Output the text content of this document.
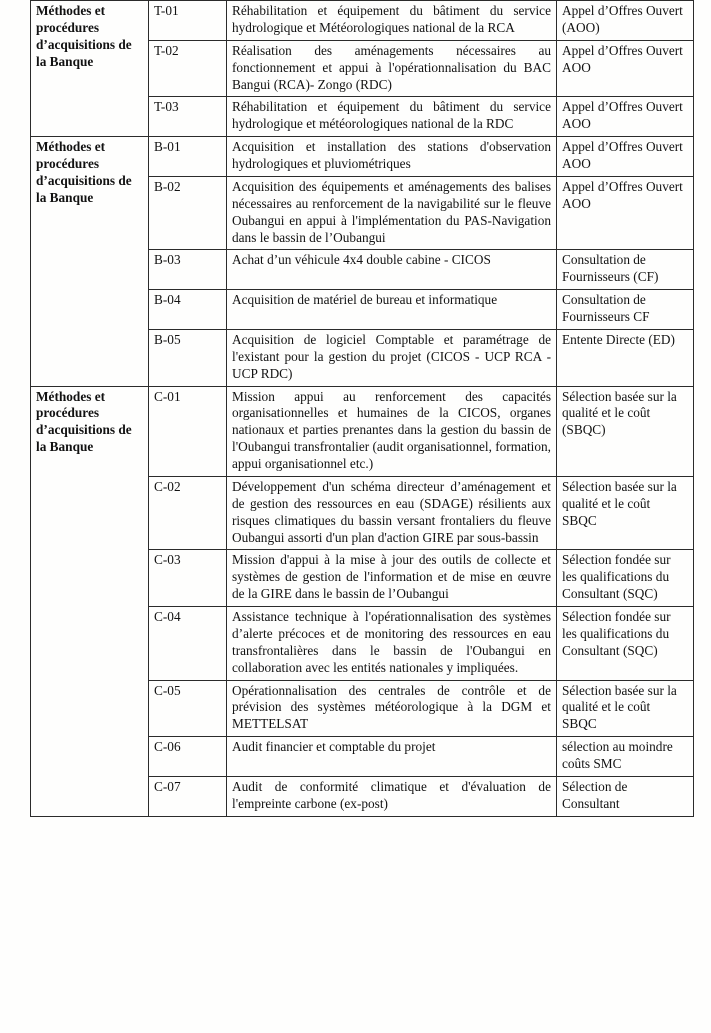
Méthodes et procédures d’acquisitions de la Banque	T-01	Réhabilitation et équipement du bâtiment du service hydrologique et Météorologiques national de la RCA	Appel d’Offres Ouvert (AOO)
	T-02	Réalisation des aménagements nécessaires au fonctionnement et appui à l'opérationnalisation du BAC Bangui (RCA)- Zongo (RDC)	Appel d’Offres Ouvert AOO
	T-03	Réhabilitation et équipement du bâtiment du service hydrologique et météorologiques national de la RDC	Appel d’Offres Ouvert AOO
Méthodes et procédures d’acquisitions de la Banque	B-01	Acquisition et installation des stations d'observation hydrologiques et pluviométriques	Appel d’Offres Ouvert AOO
	B-02	Acquisition des équipements et aménagements des balises nécessaires au renforcement de la navigabilité sur le fleuve Oubangui en appui à l'implémentation du PAS-Navigation dans le bassin de l’Oubangui	Appel d’Offres Ouvert AOO
	B-03	Achat d’un véhicule 4x4 double cabine - CICOS	Consultation de Fournisseurs (CF)
	B-04	Acquisition de matériel de bureau et informatique	Consultation de Fournisseurs CF
	B-05	Acquisition de logiciel Comptable et paramétrage de l'existant pour la gestion du projet (CICOS - UCP RCA - UCP RDC)	Entente Directe (ED)
Méthodes et procédures d’acquisitions de la Banque	C-01	Mission appui au renforcement des capacités organisationnelles et humaines de la CICOS, organes nationaux et parties prenantes dans la gestion du bassin de l'Oubangui transfrontalier (audit organisationnel, formation, appui organisationnel etc.)	Sélection basée sur la qualité et le coût (SBQC)
	C-02	Développement d'un schéma directeur d’aménagement et de gestion des ressources en eau (SDAGE) résilients aux risques climatiques du bassin versant frontaliers du fleuve Oubangui assorti d'un plan d'action GIRE par sous-bassin	Sélection basée sur la qualité et le coût SBQC
	C-03	Mission d'appui à la mise à jour des outils de collecte et systèmes de gestion de l'information et de mise en œuvre de la GIRE dans le bassin de l’Oubangui	Sélection fondée sur les qualifications du Consultant (SQC)
	C-04	Assistance technique à l'opérationnalisation des systèmes d’alerte précoces et de monitoring des ressources en eau transfrontalières dans le bassin de l'Oubangui en collaboration avec les entités nationales y impliquées.	Sélection fondée sur les qualifications du Consultant (SQC)
	C-05	Opérationnalisation des centrales de contrôle et de prévision des systèmes météorologique à la DGM et METTELSAT	Sélection basée sur la qualité et le coût SBQC
	C-06	Audit financier et comptable du projet	sélection au moindre coûts SMC
	C-07	Audit de conformité climatique et d'évaluation de l'empreinte carbone (ex-post)	Sélection de Consultant
